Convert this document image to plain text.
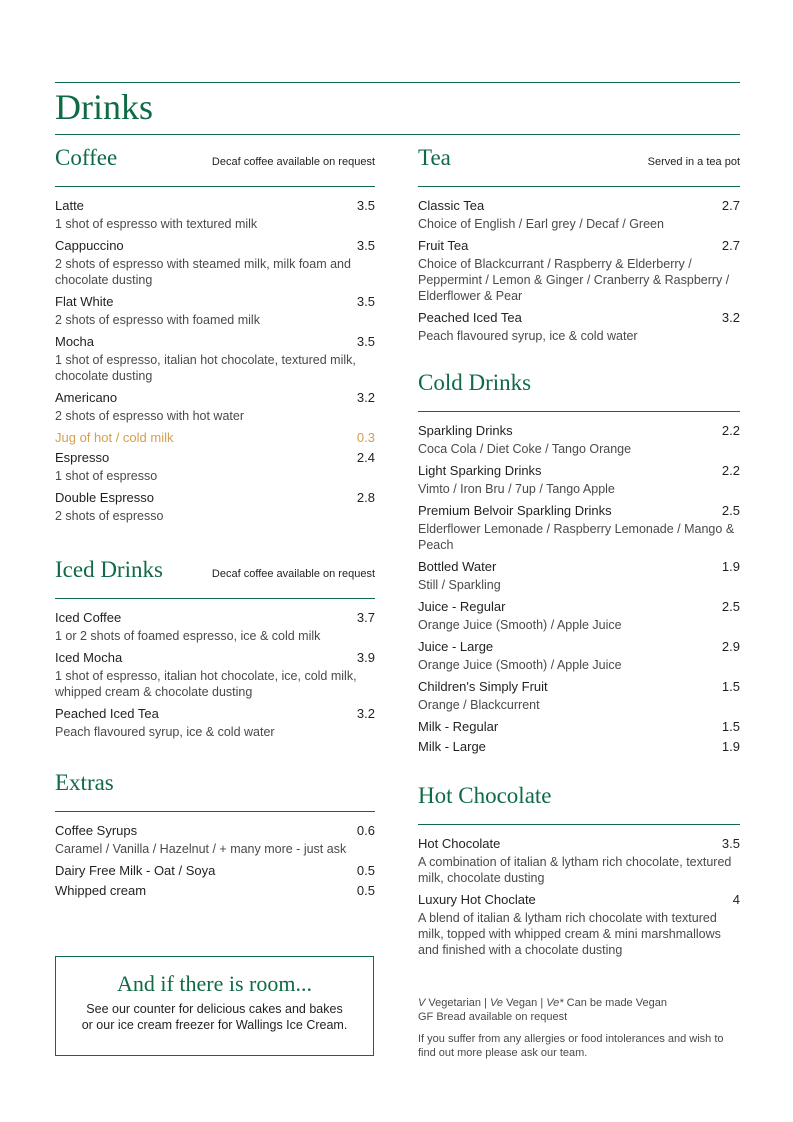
Drinks
Coffee	Decaf coffee available on request
Latte	3.5
1 shot of espresso with textured milk
Cappuccino	3.5
2 shots of espresso with steamed milk, milk foam and chocolate dusting
Flat White	3.5
2 shots of espresso with foamed milk
Mocha	3.5
1 shot of espresso, italian hot chocolate, textured milk, chocolate dusting
Americano	3.2
2 shots of espresso with hot water
Jug of hot / cold milk	0.3
Espresso	2.4
1 shot of espresso
Double Espresso	2.8
2 shots of espresso
Iced Drinks	Decaf coffee available on request
Iced Coffee	3.7
1 or 2 shots of foamed espresso, ice & cold milk
Iced Mocha	3.9
1 shot of espresso, italian hot chocolate, ice, cold milk, whipped cream & chocolate dusting
Peached Iced Tea	3.2
Peach flavoured syrup, ice & cold water
Extras
Coffee Syrups	0.6
Caramel / Vanilla / Hazelnut / + many more - just ask
Dairy Free Milk - Oat / Soya	0.5
Whipped cream	0.5
And if there is room...
See our counter for delicious cakes and bakes
or our ice cream freezer for Wallings Ice Cream.
Tea	Served in a tea pot
Classic Tea	2.7
Choice of English / Earl grey / Decaf / Green
Fruit Tea	2.7
Choice of Blackcurrant / Raspberry & Elderberry / Peppermint / Lemon & Ginger / Cranberry & Raspberry / Elderflower & Pear
Peached Iced Tea	3.2
Peach flavoured syrup, ice & cold water
Cold Drinks
Sparkling Drinks	2.2
Coca Cola / Diet Coke / Tango Orange
Light Sparking Drinks	2.2
Vimto / Iron Bru / 7up / Tango Apple
Premium Belvoir Sparkling Drinks	2.5
Elderflower Lemonade / Raspberry Lemonade / Mango & Peach
Bottled Water	1.9
Still / Sparkling
Juice - Regular	2.5
Orange Juice (Smooth) / Apple Juice
Juice - Large	2.9
Orange Juice (Smooth) / Apple Juice
Children's Simply Fruit	1.5
Orange / Blackcurrent
Milk - Regular	1.5
Milk - Large	1.9
Hot Chocolate
Hot Chocolate	3.5
A combination of italian & lytham rich chocolate, textured milk, chocolate dusting
Luxury Hot Choclate	4
A blend of italian & lytham rich chocolate with textured milk, topped with whipped cream & mini marshmallows and finished with a chocolate dusting

V Vegetarian | Ve Vegan | Ve* Can be made Vegan

GF Bread available on request

If you suffer from any allergies or food intolerances and wish to find out more please ask our team.
